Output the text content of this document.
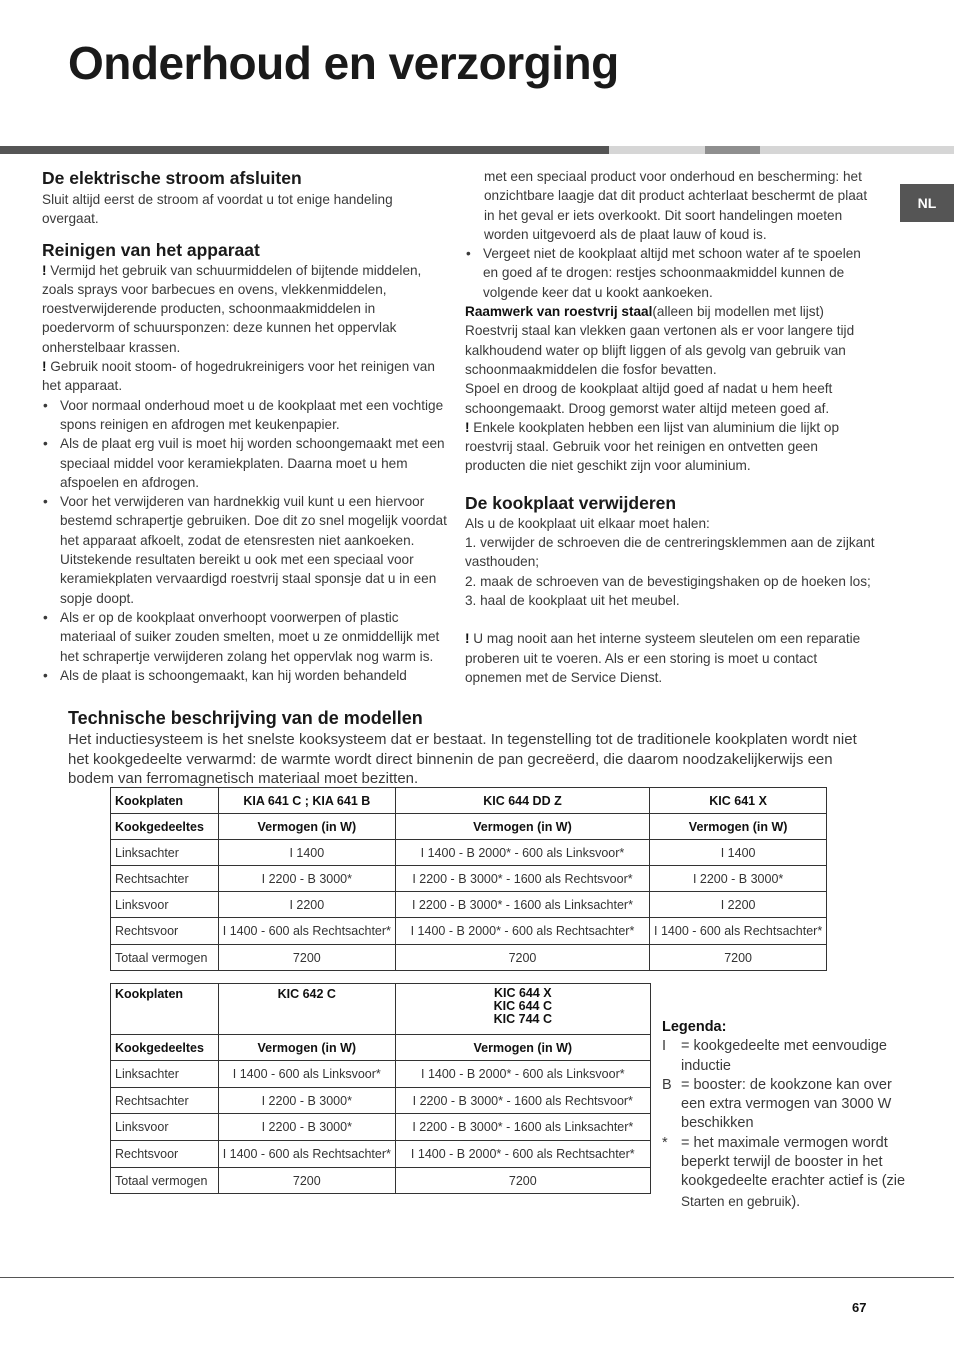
Onderhoud en verzorging
NL
De elektrische stroom afsluiten

Sluit altijd eerst de stroom af voordat u tot enige handeling overgaat.

Reinigen van het apparaat

! Vermijd het gebruik van schuurmiddelen of bijtende middelen, zoals sprays voor barbecues en ovens, vlekkenmiddelen, roestverwijderende producten, schoonmaakmiddelen in poedervorm of schuursponzen: deze kunnen het oppervlak onherstelbaar krassen.

! Gebruik nooit stoom- of hogedrukreinigers voor het reinigen van het apparaat.

• Voor normaal onderhoud moet u de kookplaat met een vochtige spons reinigen en afdrogen met keukenpapier.
• Als de plaat erg vuil is moet hij worden schoongemaakt met een speciaal middel voor keramiekplaten. Daarna moet u hem afspoelen en afdrogen.
• Voor het verwijderen van hardnekkig vuil kunt u een hiervoor bestemd schrapertje gebruiken. Doe dit zo snel mogelijk voordat het apparaat afkoelt, zodat de etensresten niet aankoeken. Uitstekende resultaten bereikt u ook met een speciaal voor keramiekplaten vervaardigd roestvrij staal sponsje dat u in een sopje doopt.
• Als er op de kookplaat onverhoopt voorwerpen of plastic materiaal of suiker zouden smelten, moet u ze onmiddellijk met het schrapertje verwijderen zolang het oppervlak nog warm is.
• Als de plaat is schoongemaakt, kan hij worden behandeld

met een speciaal product voor onderhoud en bescherming: het onzichtbare laagje dat dit product achterlaat beschermt de plaat in het geval er iets overkookt. Dit soort handelingen moeten worden uitgevoerd als de plaat lauw of koud is.

• Vergeet niet de kookplaat altijd met schoon water af te spoelen en goed af te drogen: restjes schoonmaakmiddel kunnen de volgende keer dat u kookt aankoeken.

Raamwerk van roestvrij staal(alleen bij modellen met lijst)

Roestvrij staal kan vlekken gaan vertonen als er voor langere tijd kalkhoudend water op blijft liggen of als gevolg van gebruik van schoonmaakmiddelen die fosfor bevatten.

Spoel en droog de kookplaat altijd goed af nadat u hem heeft schoongemaakt. Droog gemorst water altijd meteen goed af.

! Enkele kookplaten hebben een lijst van aluminium die lijkt op roestvrij staal. Gebruik voor het reinigen en ontvetten geen producten die niet geschikt zijn voor aluminium.

De kookplaat verwijderen

Als u de kookplaat uit elkaar moet halen:

1. verwijder de schroeven die de centreringsklemmen aan de zijkant vasthouden;

2. maak de schroeven van de bevestigingshaken op de hoeken los;

3. haal de kookplaat uit het meubel.

! U mag nooit aan het interne systeem sleutelen om een reparatie proberen uit te voeren. Als er een storing is moet u contact opnemen met de Service Dienst.

Technische beschrijving van de modellen

Het inductiesysteem is het snelste kooksysteem dat er bestaat. In tegenstelling tot de traditionele kookplaten wordt niet het kookgedeelte verwarmd: de warmte wordt direct binnenin de pan gecreëerd, die daarom noodzakelijkerwijs een bodem van ferromagnetisch materiaal moet bezitten.

Kookplaten	KIA 641 C ; KIA 641 B	KIC 644 DD Z	KIC 641 X
Kookgedeeltes	Vermogen (in W)	Vermogen (in W)	Vermogen (in W)
Linksachter	I 1400	I 1400 - B 2000* - 600 als Linksvoor*	I 1400
Rechtsachter	I 2200 - B 3000*	I 2200 - B 3000* - 1600 als Rechtsvoor*	I 2200 - B 3000*
Linksvoor	I 2200	I 2200 - B 3000* - 1600 als Linksachter*	I 2200
Rechtsvoor	I 1400 - 600 als Rechtsachter*	I 1400 - B 2000* - 600 als Rechtsachter*	I 1400 - 600 als Rechtsachter*
Totaal vermogen	7200	7200	7200
Kookplaten	KIC 642 C	KIC 644 X
KIC 644 C
KIC 744 C

Kookgedeeltes	Vermogen (in W)	Vermogen (in W)
Linksachter	I 1400 - 600 als Linksvoor*	I 1400 - B 2000* - 600 als Linksvoor*
Rechtsachter	I 2200 - B 3000*	I 2200 - B 3000* - 1600 als Rechtsvoor*
Linksvoor	I 2200 - B 3000*	I 2200 - B 3000* - 1600 als Linksachter*
Rechtsvoor	I 1400 - 600 als Rechtsachter*	I 1400 - B 2000* - 600 als Rechtsachter*
Totaal vermogen	7200	7200
Legenda:
I = kookgedeelte met eenvoudige inductie
B = booster: de kookzone kan over een extra vermogen van 3000 W beschikken
* = het maximale vermogen wordt beperkt terwijl de booster in het kookgedeelte erachter actief is (zie Starten en gebruik).
67
